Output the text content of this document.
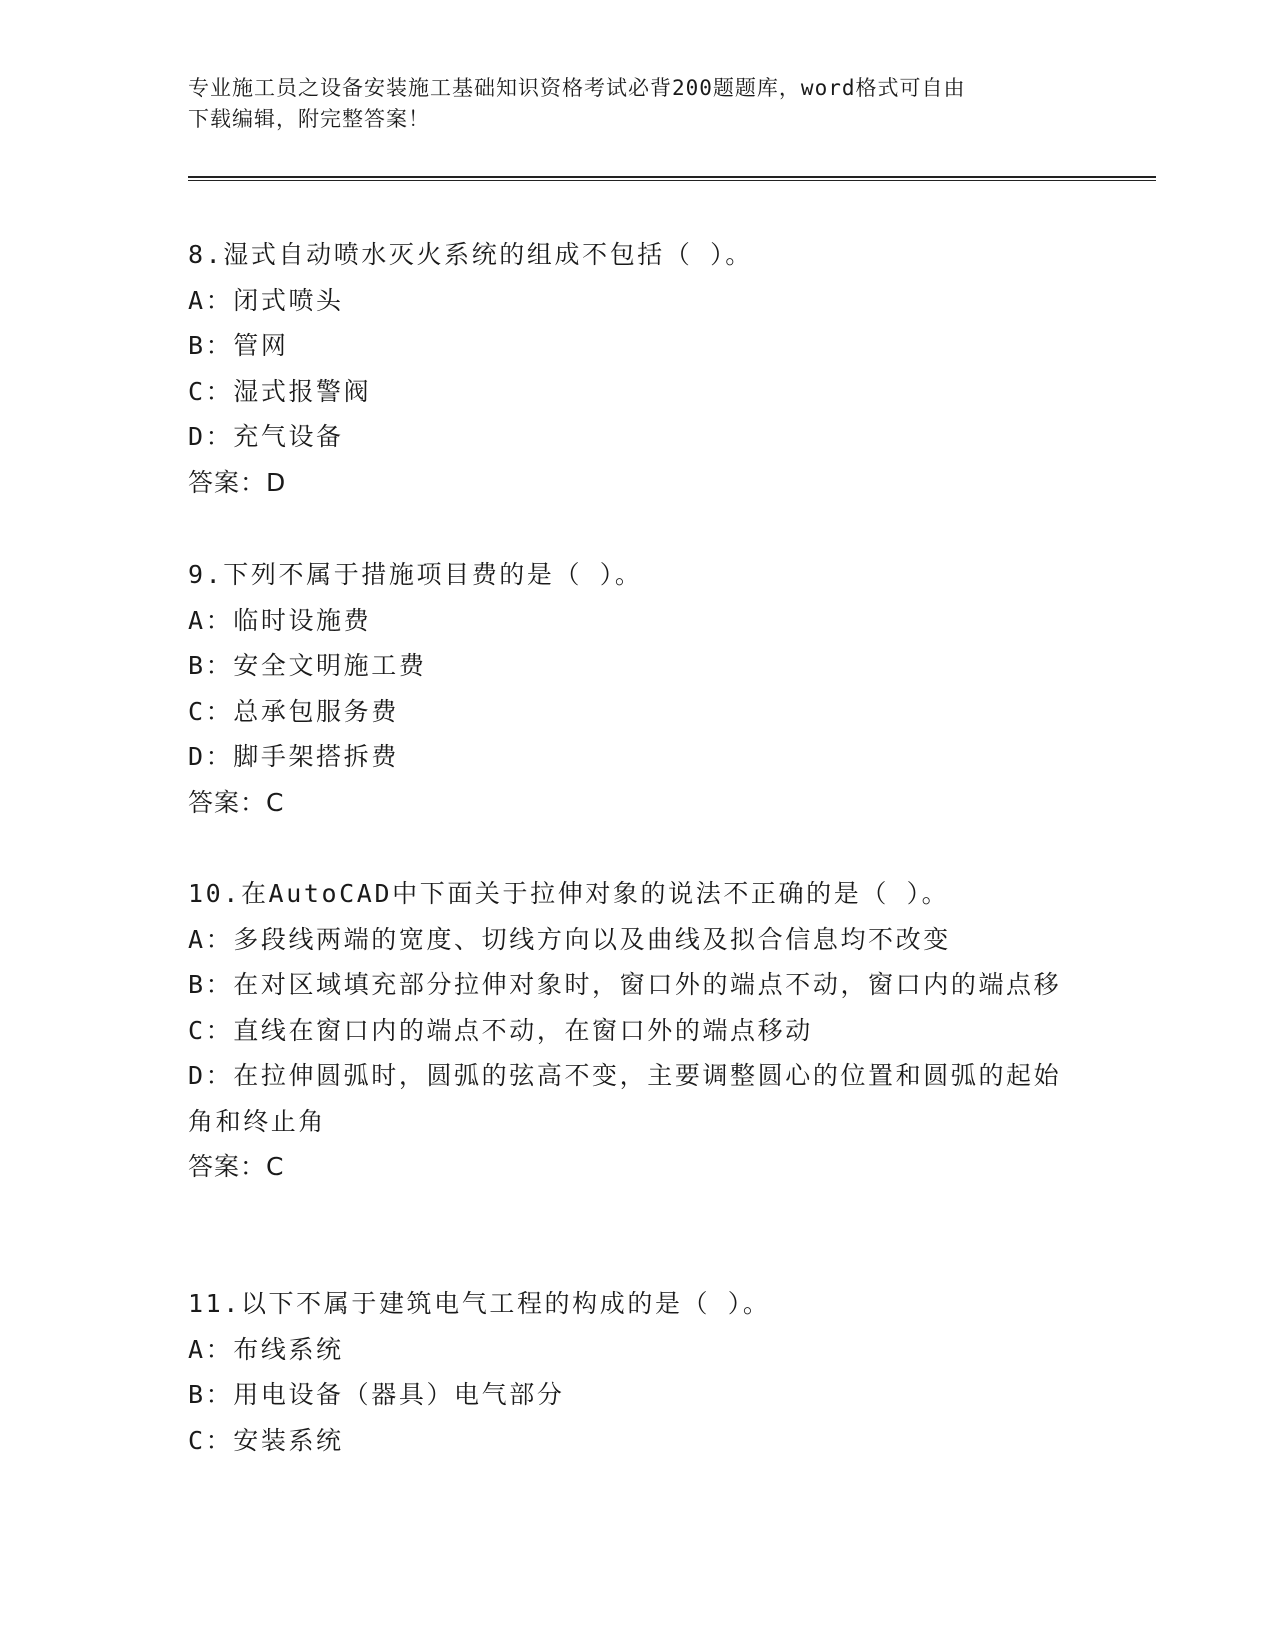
专业施工员之设备安装施工基础知识资格考试必背200题题库，word格式可自由
下载编辑，附完整答案！
8.湿式自动喷水灭火系统的组成不包括（ ）。
A：闭式喷头
B：管网
C：湿式报警阀
D：充气设备
答案：D
9.下列不属于措施项目费的是（ ）。
A：临时设施费
B：安全文明施工费
C：总承包服务费
D：脚手架搭拆费
答案：C
10.在AutoCAD中下面关于拉伸对象的说法不正确的是（ ）。
A：多段线两端的宽度、切线方向以及曲线及拟合信息均不改变
B：在对区域填充部分拉伸对象时，窗口外的端点不动，窗口内的端点移
C：直线在窗口内的端点不动，在窗口外的端点移动
D：在拉伸圆弧时，圆弧的弦高不变，主要调整圆心的位置和圆弧的起始角和终止角
答案：C
11.以下不属于建筑电气工程的构成的是（ ）。
A：布线系统
B：用电设备（器具）电气部分
C：安装系统
